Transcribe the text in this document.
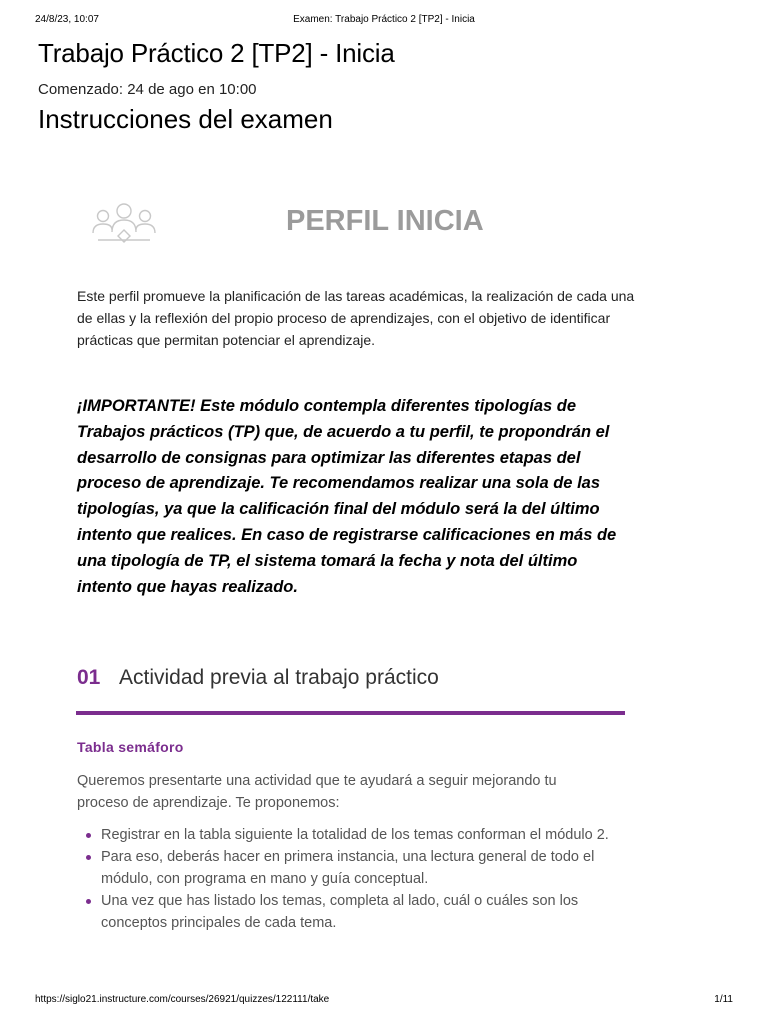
24/8/23, 10:07	Examen: Trabajo Práctico 2 [TP2] - Inicia
Trabajo Práctico 2 [TP2] - Inicia
Comenzado: 24 de ago en 10:00
Instrucciones del examen
PERFIL INICIA

Este perfil promueve la planificación de las tareas académicas, la realización de cada una de ellas y la reflexión del propio proceso de aprendizajes, con el objetivo de identificar prácticas que permitan potenciar el aprendizaje.

¡IMPORTANTE! Este módulo contempla diferentes tipologías de Trabajos prácticos (TP) que, de acuerdo a tu perfil, te propondrán el desarrollo de consignas para optimizar las diferentes etapas del proceso de aprendizaje. Te recomendamos realizar una sola de las tipologías, ya que la calificación final del módulo será la del último intento que realices. En caso de registrarse calificaciones en más de una tipología de TP, el sistema tomará la fecha y nota del último intento que hayas realizado.

01 Actividad previa al trabajo práctico
Tabla semáforo

Queremos presentarte una actividad que te ayudará a seguir mejorando tu proceso de aprendizaje. Te proponemos:

Registrar en la tabla siguiente la totalidad de los temas conforman el módulo 2.
Para eso, deberás hacer en primera instancia, una lectura general de todo el módulo, con programa en mano y guía conceptual.
Una vez que has listado los temas, completa al lado, cuál o cuáles son los conceptos principales de cada tema.
https://siglo21.instructure.com/courses/26921/quizzes/122111/take	1/11
